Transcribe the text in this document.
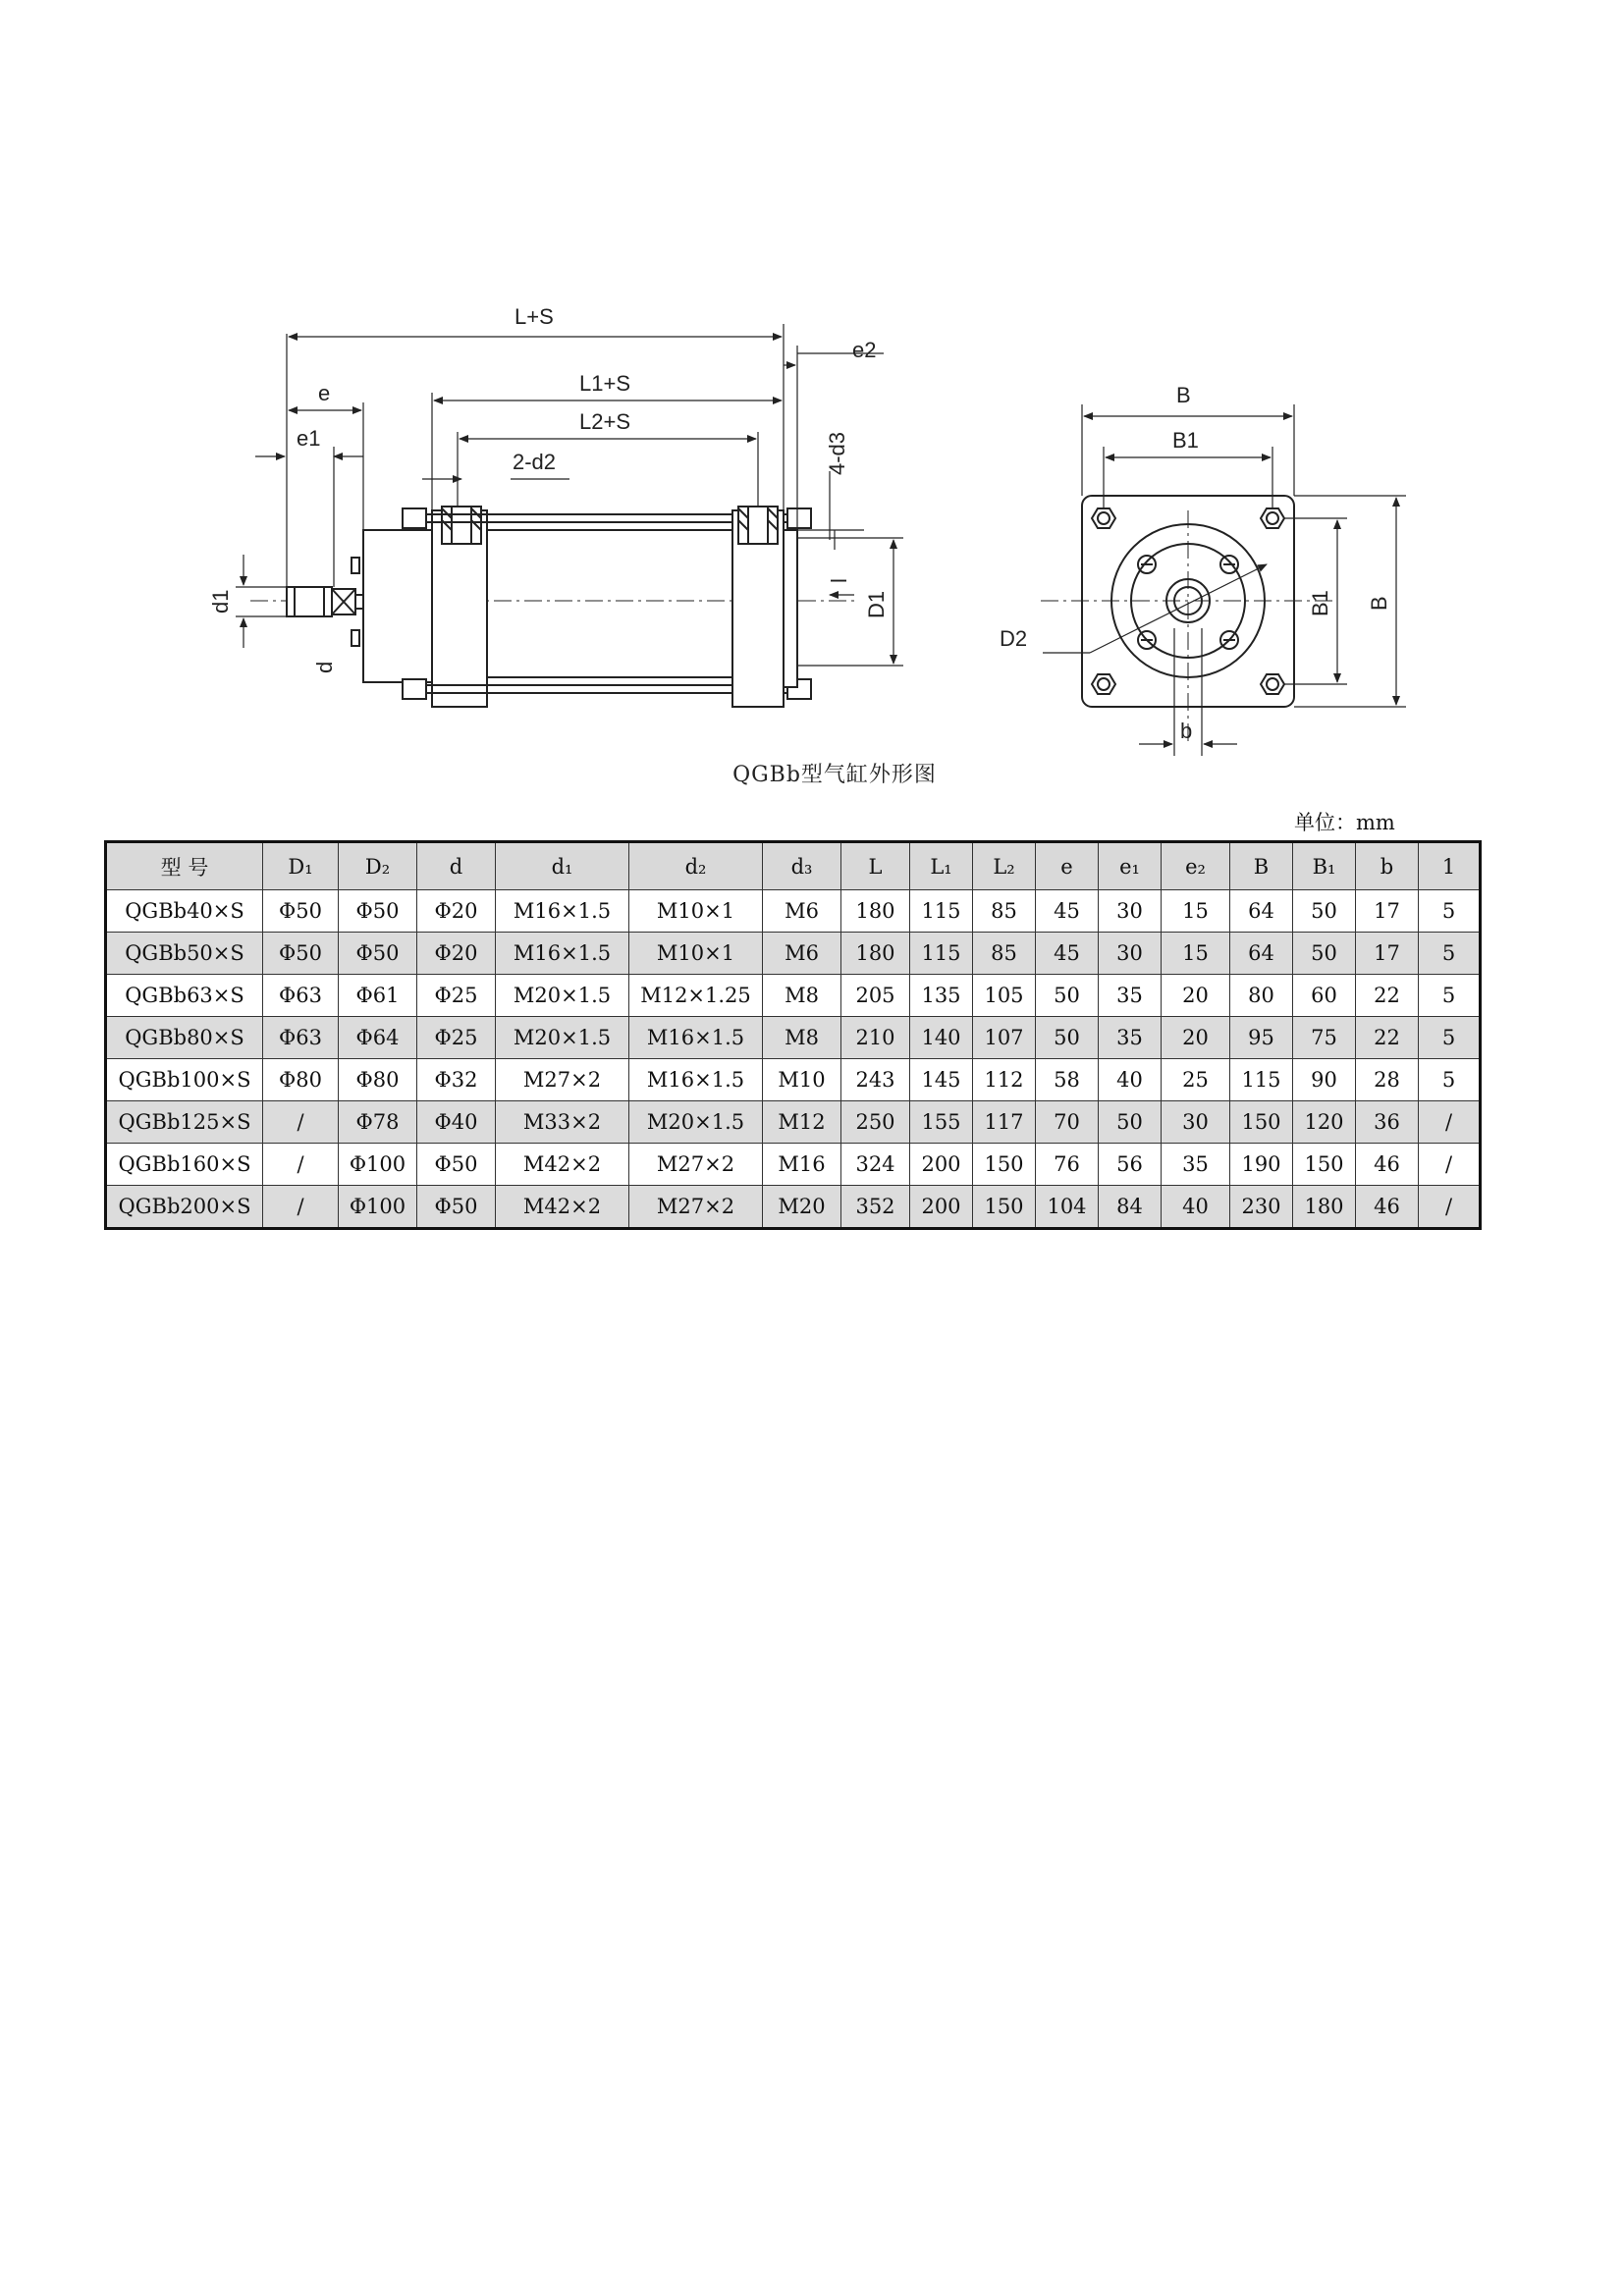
L+S
L1+S
L2+S
e
e1
e2
2-d2	4-d3
l
D1
d1
d
B
B1
B1 B
D2
b
QGBb型气缸外形图
单位：mm
型 号	D₁	D₂	d	d₁	d₂	d₃	L	L₁	L₂	e	e₁	e₂	B	B₁	b	1
QGBb40×S	Φ50	Φ50	Φ20	M16×1.5	M10×1	M6	180	115	85	45	30	15	64	50	17	5
QGBb50×S	Φ50	Φ50	Φ20	M16×1.5	M10×1	M6	180	115	85	45	30	15	64	50	17	5
QGBb63×S	Φ63	Φ61	Φ25	M20×1.5	M12×1.25	M8	205	135	105	50	35	20	80	60	22	5
QGBb80×S	Φ63	Φ64	Φ25	M20×1.5	M16×1.5	M8	210	140	107	50	35	20	95	75	22	5
QGBb100×S	Φ80	Φ80	Φ32	M27×2	M16×1.5	M10	243	145	112	58	40	25	115	90	28	5
QGBb125×S	/	Φ78	Φ40	M33×2	M20×1.5	M12	250	155	117	70	50	30	150	120	36	/
QGBb160×S	/	Φ100	Φ50	M42×2	M27×2	M16	324	200	150	76	56	35	190	150	46	/
QGBb200×S	/	Φ100	Φ50	M42×2	M27×2	M20	352	200	150	104	84	40	230	180	46	/
